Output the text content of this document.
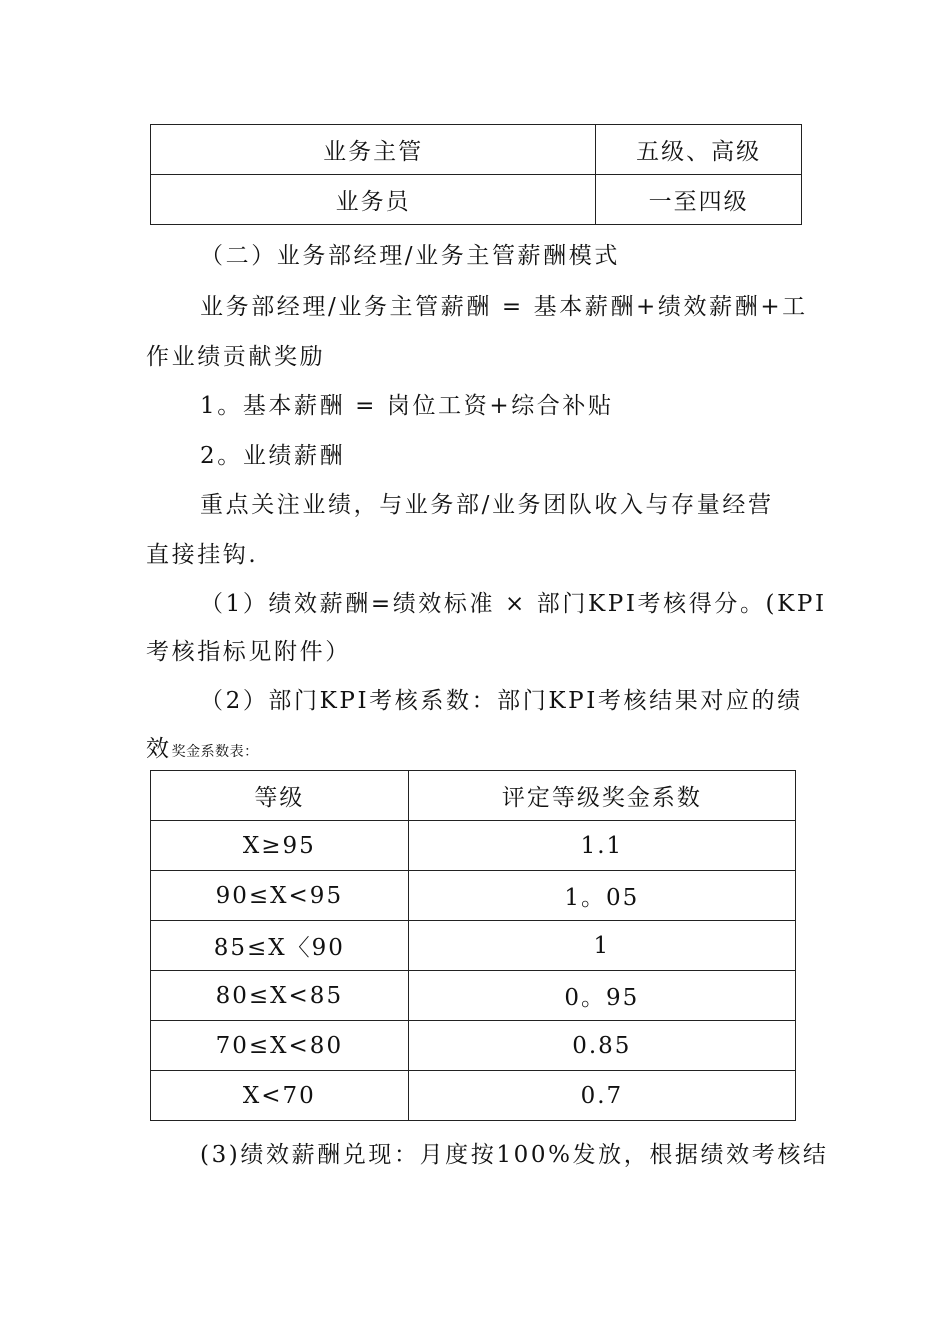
业务主管	五级、高级
业务员	一至四级
（二）业务部经理/业务主管薪酬模式
业务部经理/业务主管薪酬 = 基本薪酬+绩效薪酬+工
作业绩贡献奖励
1。基本薪酬 = 岗位工资+综合补贴
2。业绩薪酬
重点关注业绩，与业务部/业务团队收入与存量经营
直接挂钩.
（1）绩效薪酬=绩效标准 × 部门KPI考核得分。(KPI
考核指标见附件）
（2）部门KPI考核系数：部门KPI考核结果对应的绩
效奖金系数表：
等级	评定等级奖金系数
X≥95	1.1
90≤X<95	1。05
85≤X〈90	1
80≤X<85	0。95
70≤X<80	0.85
X<70	0.7
(3)绩效薪酬兑现：月度按100%发放，根据绩效考核结
